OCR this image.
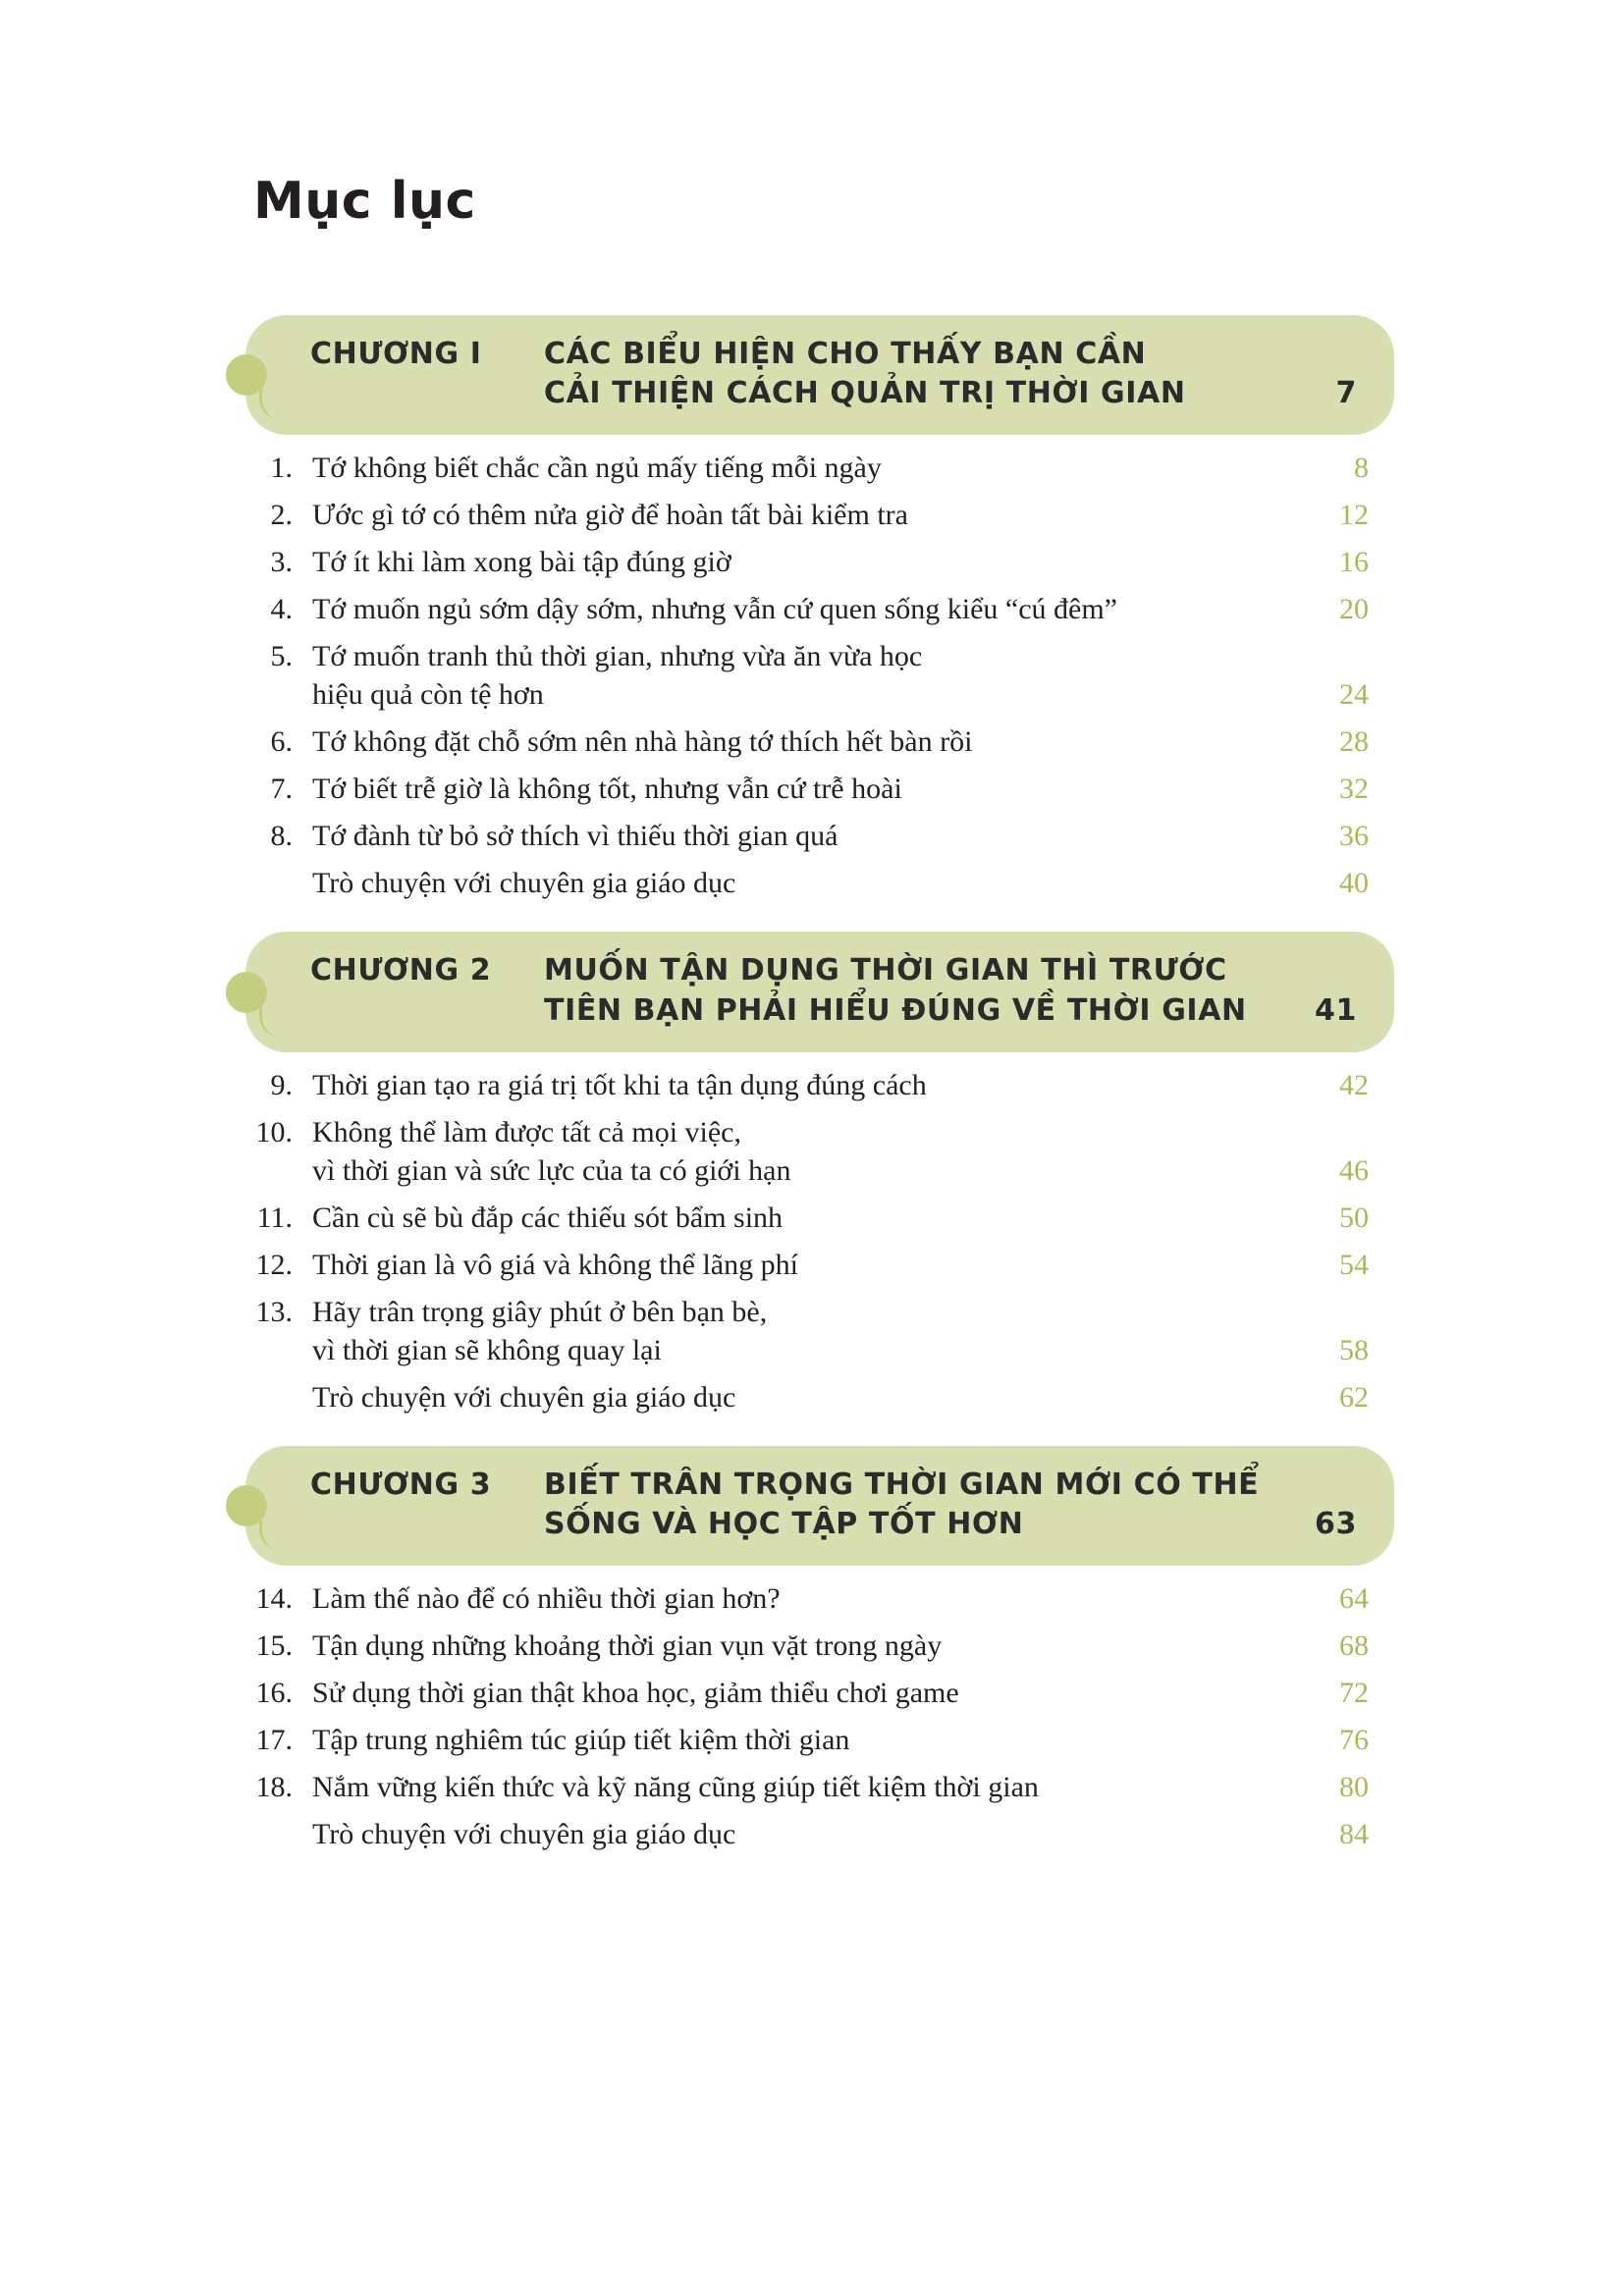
Mục lục
CHƯƠNG I	CÁC BIỂU HIỆN CHO THẤY BẠN CẦN
CẢI THIỆN CÁCH QUẢN TRỊ THỜI GIAN	7
1. Tớ không biết chắc cần ngủ mấy tiếng mỗi ngày	8
2. Ước gì tớ có thêm nửa giờ để hoàn tất bài kiểm tra	12
3. Tớ ít khi làm xong bài tập đúng giờ	16
4. Tớ muốn ngủ sớm dậy sớm, nhưng vẫn cứ quen sống kiểu “cú đêm”	20
5. Tớ muốn tranh thủ thời gian, nhưng vừa ăn vừa học
hiệu quả còn tệ hơn	24
6. Tớ không đặt chỗ sớm nên nhà hàng tớ thích hết bàn rồi	28
7. Tớ biết trễ giờ là không tốt, nhưng vẫn cứ trễ hoài	32
8. Tớ đành từ bỏ sở thích vì thiếu thời gian quá	36
Trò chuyện với chuyên gia giáo dục	40
CHƯƠNG 2	MUỐN TẬN DỤNG THỜI GIAN THÌ TRƯỚC
TIÊN BẠN PHẢI HIỂU ĐÚNG VỀ THỜI GIAN	41
9. Thời gian tạo ra giá trị tốt khi ta tận dụng đúng cách	42
10. Không thể làm được tất cả mọi việc,
vì thời gian và sức lực của ta có giới hạn	46
11. Cần cù sẽ bù đắp các thiếu sót bẩm sinh	50
12. Thời gian là vô giá và không thể lãng phí	54
13. Hãy trân trọng giây phút ở bên bạn bè,
vì thời gian sẽ không quay lại	58
Trò chuyện với chuyên gia giáo dục	62
CHƯƠNG 3	BIẾT TRÂN TRỌNG THỜI GIAN MỚI CÓ THỂ
SỐNG VÀ HỌC TẬP TỐT HƠN	63
14. Làm thế nào để có nhiều thời gian hơn?	64
15. Tận dụng những khoảng thời gian vụn vặt trong ngày	68
16. Sử dụng thời gian thật khoa học, giảm thiểu chơi game	72
17. Tập trung nghiêm túc giúp tiết kiệm thời gian	76
18. Nắm vững kiến thức và kỹ năng cũng giúp tiết kiệm thời gian	80
Trò chuyện với chuyên gia giáo dục	84
